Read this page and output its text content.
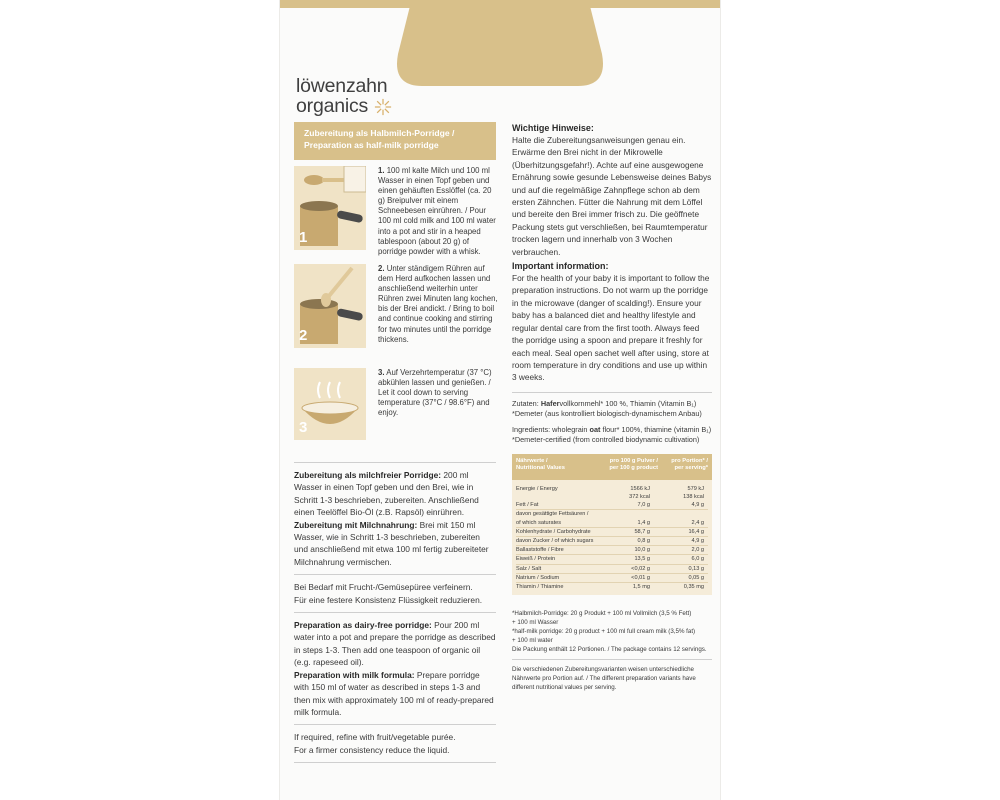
löwenzahn
organics
Zubereitung als Halbmilch-Porridge /
Preparation as half-milk porridge
1
1. 100 ml kalte Milch und 100 ml Wasser in einen Topf geben und einen gehäuften Esslöffel (ca. 20 g) Breipulver mit einem Schneebesen einrühren. / Pour 100 ml cold milk and 100 ml water into a pot and stir in a heaped tablespoon (about 20 g) of porridge powder with a whisk.
2
2. Unter ständigem Rühren auf dem Herd aufkochen lassen und anschließend weiterhin unter Rühren zwei Minuten lang kochen, bis der Brei andickt. / Bring to boil and continue cooking and stirring for two minutes until the porridge thickens.
3
3. Auf Verzehrtemperatur (37 °C) abkühlen lassen und genießen. / Let it cool down to serving temperature (37°C / 98.6°F) and enjoy.
Zubereitung als milchfreier Porridge: 200 ml Wasser in einen Topf geben und den Brei, wie in Schritt 1-3 beschrieben, zubereiten. Anschließend einen Teelöffel Bio-Öl (z.B. Rapsöl) einrühren.
Zubereitung mit Milchnahrung: Brei mit 150 ml Wasser, wie in Schritt 1-3 beschrieben, zubereiten und anschließend mit etwa 100 ml fertig zubereiteter Milchnahrung vermischen.
Bei Bedarf mit Frucht-/Gemüsepüree verfeinern.
Für eine festere Konsistenz Flüssigkeit reduzieren.
Preparation as dairy-free porridge: Pour 200 ml water into a pot and prepare the porridge as described in steps 1-3. Then add one teaspoon of organic oil (e.g. rapeseed oil).
Preparation with milk formula: Prepare porridge with 150 ml of water as described in steps 1-3 and then mix with approximately 100 ml of ready-prepared milk formula.
If required, refine with fruit/vegetable purée.
For a firmer consistency reduce the liquid.
Wichtige Hinweise:
Halte die Zubereitungsanweisungen genau ein. Erwärme den Brei nicht in der Mikrowelle (Überhitzungsgefahr!). Achte auf eine ausgewogene Ernährung sowie gesunde Lebensweise deines Babys und auf die regelmäßige Zahnpflege schon ab dem ersten Zähnchen. Fütter die Nahrung mit dem Löffel und bereite den Brei immer frisch zu. Die geöffnete Packung stets gut verschließen, bei Raumtemperatur trocken lagern und innerhalb von 3 Wochen verbrauchen.
Important information:
For the health of your baby it is important to follow the preparation instructions. Do not warm up the porridge in the microwave (danger of scalding!). Ensure your baby has a balanced diet and healthy lifestyle and regular dental care from the first tooth. Always feed the porridge using a spoon and prepare it freshly for each meal. Seal open sachet well after using, store at room temperature in dry conditions and use up within 3 weeks.
Zutaten: Hafervollkornmehl* 100 %, Thiamin (Vitamin B₁)
*Demeter (aus kontrolliert biologisch-dynamischem Anbau)
Ingredients: wholegrain oat flour* 100%, thiamine (vitamin B₁)
*Demeter-certified (from controlled biodynamic cultivation)
Nährwerte /
Nutritional Values
pro 100 g Pulver /
per 100 g product
pro Portion* /
per serving*
Energie / Energy	1566 kJ	579 kJ
372 kcal	138 kcal
Fett / Fat	7,0 g	4,9 g
davon gesättigte Fettsäuren /
of which saturates	1,4 g	2,4 g
Kohlenhydrate / Carbohydrate	58,7 g	16,4 g
davon Zucker / of which sugars	0,8 g	4,9 g
Ballaststoffe / Fibre	10,0 g	2,0 g
Eiweiß / Protein	13,5 g	6,0 g
Salz / Salt	<0,02 g	0,13 g
Natrium / Sodium	<0,01 g	0,05 g
Thiamin / Thiamine	1,5 mg	0,35 mg
*Halbmilch-Porridge: 20 g Produkt + 100 ml Vollmilch (3,5 % Fett)
+ 100 ml Wasser
*half-milk porridge: 20 g product + 100 ml full cream milk (3,5% fat)
+ 100 ml water
Die Packung enthält 12 Portionen. / The package contains 12 servings.
Die verschiedenen Zubereitungsvarianten weisen unterschiedliche Nährwerte pro Portion auf. / The different preparation variants have different nutritional values per serving.
